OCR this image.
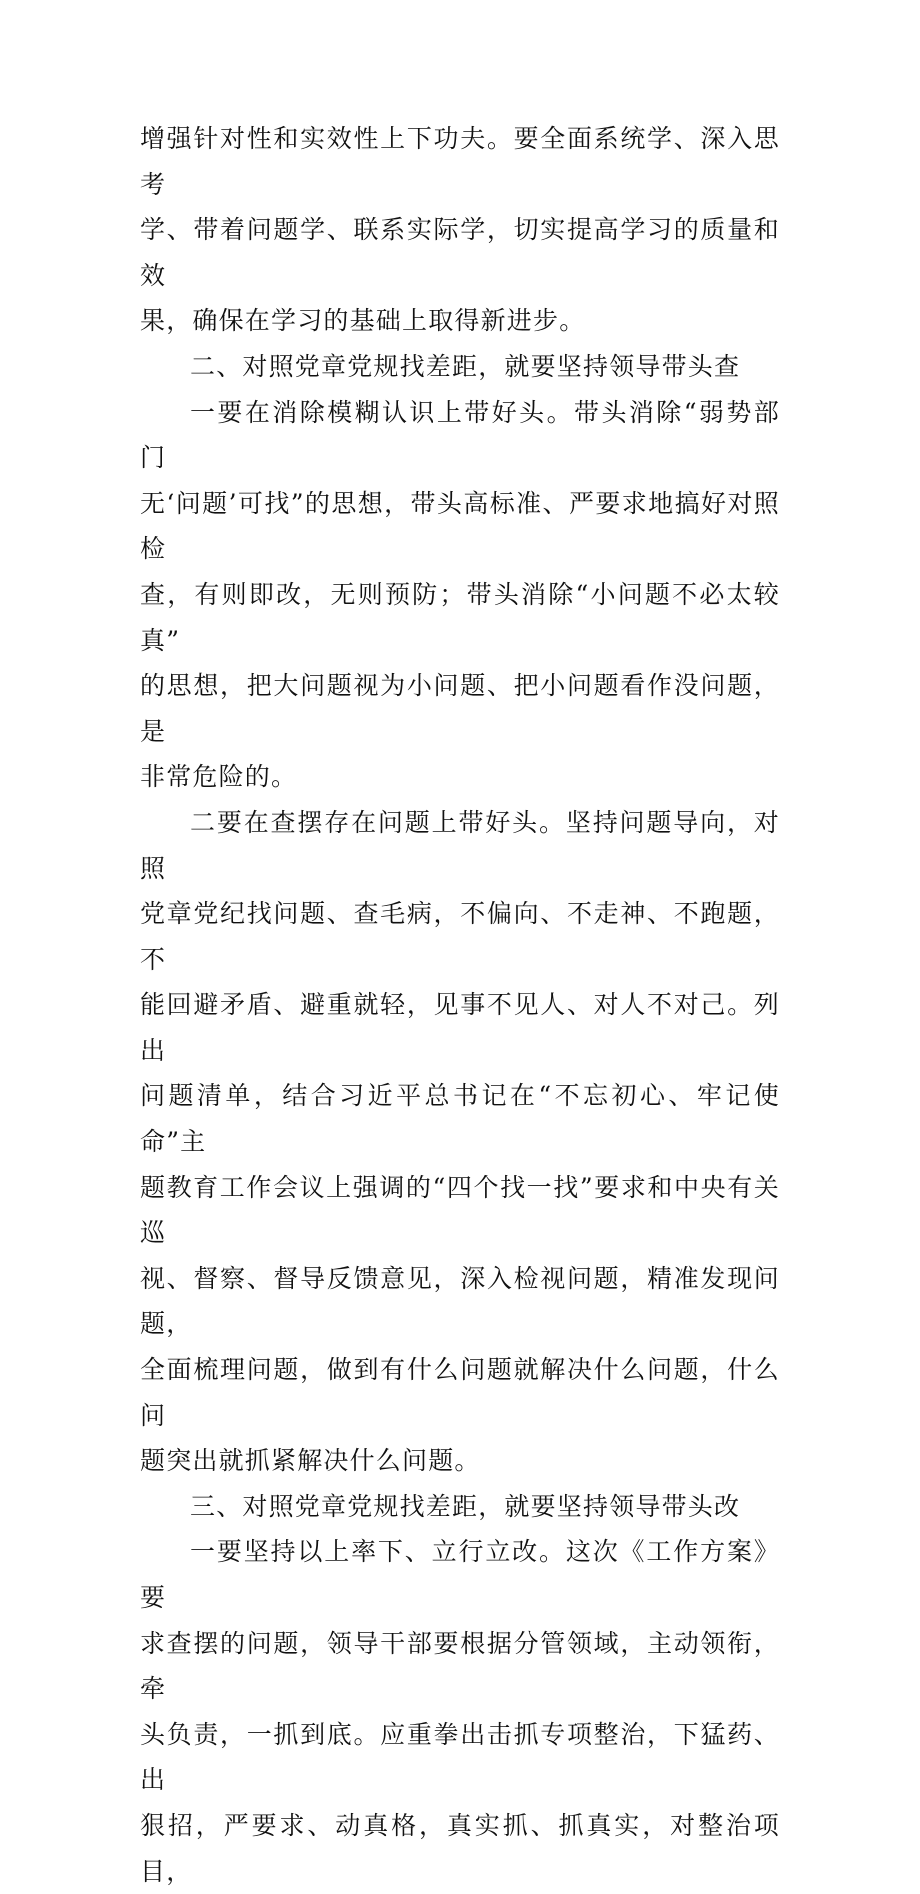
增强针对性和实效性上下功夫。要全面系统学、深入思考
学、带着问题学、联系实际学，切实提高学习的质量和效
果，确保在学习的基础上取得新进步。

二、对照党章党规找差距，就要坚持领导带头查

一要在消除模糊认识上带好头。带头消除“弱势部门
无‘问题’可找”的思想，带头高标准、严要求地搞好对照检
查，有则即改，无则预防；带头消除“小问题不必太较真”
的思想，把大问题视为小问题、把小问题看作没问题，是
非常危险的。

二要在查摆存在问题上带好头。坚持问题导向，对照
党章党纪找问题、查毛病，不偏向、不走神、不跑题，不
能回避矛盾、避重就轻，见事不见人、对人不对己。列出
问题清单，结合习近平总书记在“不忘初心、牢记使命”主
题教育工作会议上强调的“四个找一找”要求和中央有关巡
视、督察、督导反馈意见，深入检视问题，精准发现问题，
全面梳理问题，做到有什么问题就解决什么问题，什么问
题突出就抓紧解决什么问题。

三、对照党章党规找差距，就要坚持领导带头改

一要坚持以上率下、立行立改。这次《工作方案》要
求查摆的问题，领导干部要根据分管领域，主动领衔，牵
头负责，一抓到底。应重拳出击抓专项整治，下猛药、出
狠招，严要求、动真格，真实抓、抓真实，对整治项目，
